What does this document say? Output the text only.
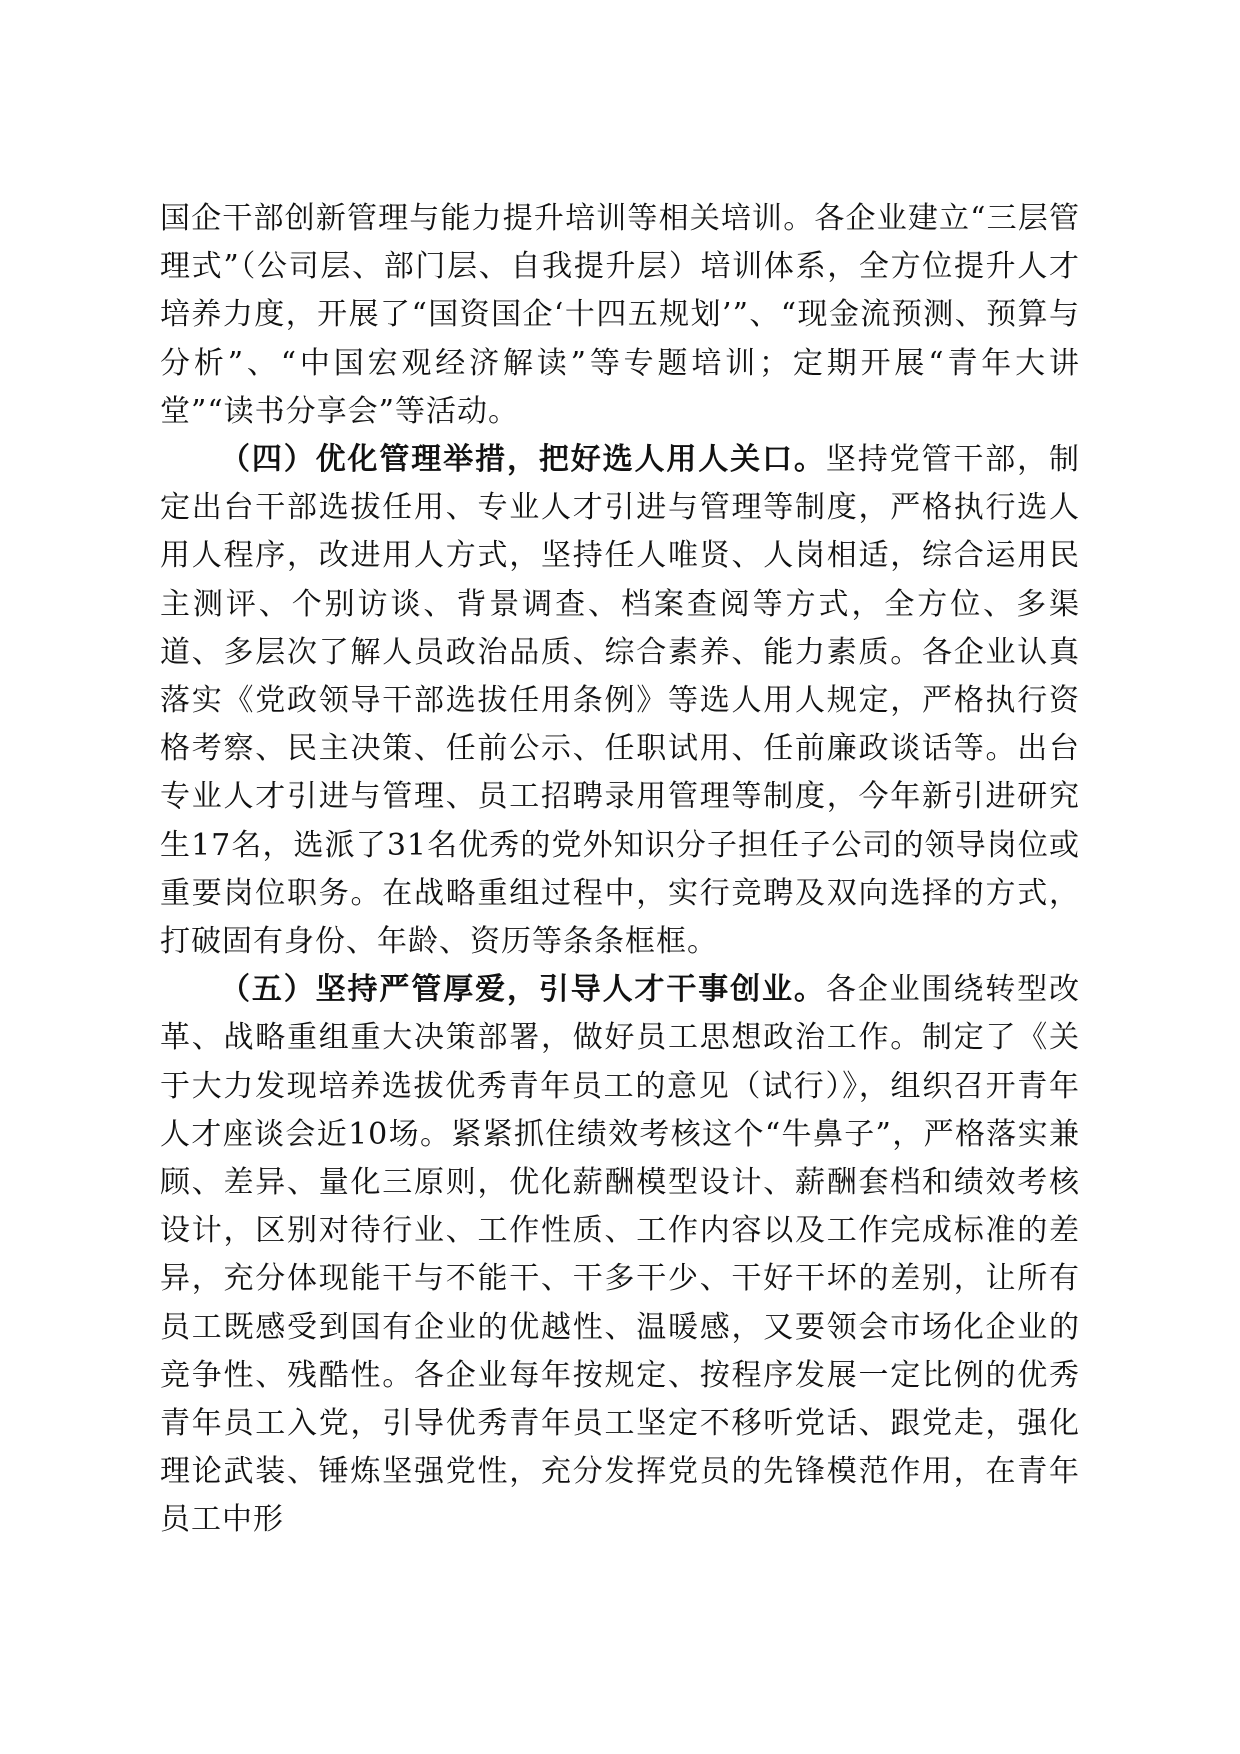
国企干部创新管理与能力提升培训等相关培训。各企业建立“三层管理式”（公司层、部门层、自我提升层）培训体系，全方位提升人才培养力度，开展了“国资国企‘十四五规划’”、“现金流预测、预算与分析”、“中国宏观经济解读”等专题培训；定期开展“青年大讲堂”“读书分享会”等活动。

（四）优化管理举措，把好选人用人关口。坚持党管干部，制定出台干部选拔任用、专业人才引进与管理等制度，严格执行选人用人程序，改进用人方式，坚持任人唯贤、人岗相适，综合运用民主测评、个别访谈、背景调查、档案查阅等方式，全方位、多渠道、多层次了解人员政治品质、综合素养、能力素质。各企业认真落实《党政领导干部选拔任用条例》等选人用人规定，严格执行资格考察、民主决策、任前公示、任职试用、任前廉政谈话等。出台专业人才引进与管理、员工招聘录用管理等制度，今年新引进研究生17名，选派了31名优秀的党外知识分子担任子公司的领导岗位或重要岗位职务。在战略重组过程中，实行竞聘及双向选择的方式，打破固有身份、年龄、资历等条条框框。

（五）坚持严管厚爱，引导人才干事创业。各企业围绕转型改革、战略重组重大决策部署，做好员工思想政治工作。制定了《关于大力发现培养选拔优秀青年员工的意见（试行）》，组织召开青年人才座谈会近10场。紧紧抓住绩效考核这个“牛鼻子”，严格落实兼顾、差异、量化三原则，优化薪酬模型设计、薪酬套档和绩效考核设计，区别对待行业、工作性质、工作内容以及工作完成标准的差异，充分体现能干与不能干、干多干少、干好干坏的差别，让所有员工既感受到国有企业的优越性、温暖感，又要领会市场化企业的竞争性、残酷性。各企业每年按规定、按程序发展一定比例的优秀青年员工入党，引导优秀青年员工坚定不移听党话、跟党走，强化理论武装、锤炼坚强党性，充分发挥党员的先锋模范作用，在青年员工中形
